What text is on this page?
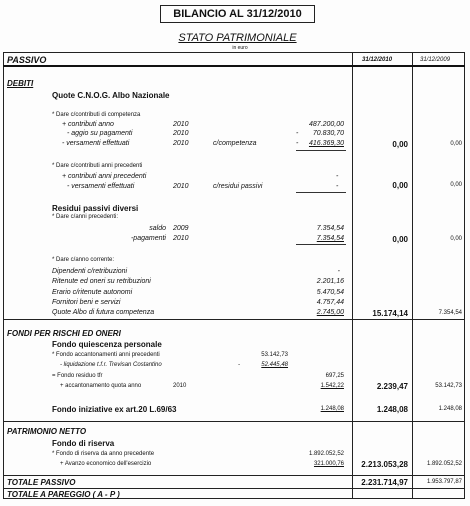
BILANCIO AL 31/12/2010
STATO PATRIMONIALE
in euro
PASSIVO	31/12/2010	31/12/2009
DEBITI
Quote C.N.O.G. Albo Nazionale
* Dare c/contributi di competenza
+ contributi anno	2010	487.200,00
- aggio su pagamenti	2010	-	70.830,70
- versamenti effettuati	2010	c/competenza	-	416.369,30	0,00	0,00
* Dare c/contributi anni precedenti
+ contributi anni precedenti	-
- versamenti effettuati	2010	c/residui passivi	-	0,00	0,00
Residui passivi diversi
* Dare c/anni precedenti:
saldo 2009	7.354,54
-pagamenti 2010	7.354,54	0,00	0,00
* Dare c/anno corrente:
Dipendenti c/retribuzioni	-
Ritenute ed oneri su retribuzioni	2.201,16
Erario c/ritenute autonomi	5.470,54
Fornitori beni e servizi	4.757,44
Quote Albo di futura competenza	2.745,00	15.174,14	7.354,54
FONDI PER RISCHI ED ONERI
Fondo quiescenza personale
* Fondo accantonamenti anni precedenti	53.142,73
- liquidazione t.f.r. Trevisan Costantino	-	52.445,48
= Fondo residuo tfr	697,25
+ accantonamento quota anno	2010	1.542,22	2.239,47	53.142,73
Fondo iniziative ex art.20 L.69/63	1.248,08	1.248,08	1.248,08
PATRIMONIO NETTO
Fondo di riserva
* Fondo di riserva da anno precedente	1.892.052,52
+ Avanzo economico dell'esercizio	321.000,76	2.213.053,28	1.892.052,52
TOTALE PASSIVO	2.231.714,97	1.953.797,87
TOTALE A PAREGGIO ( A - P )
